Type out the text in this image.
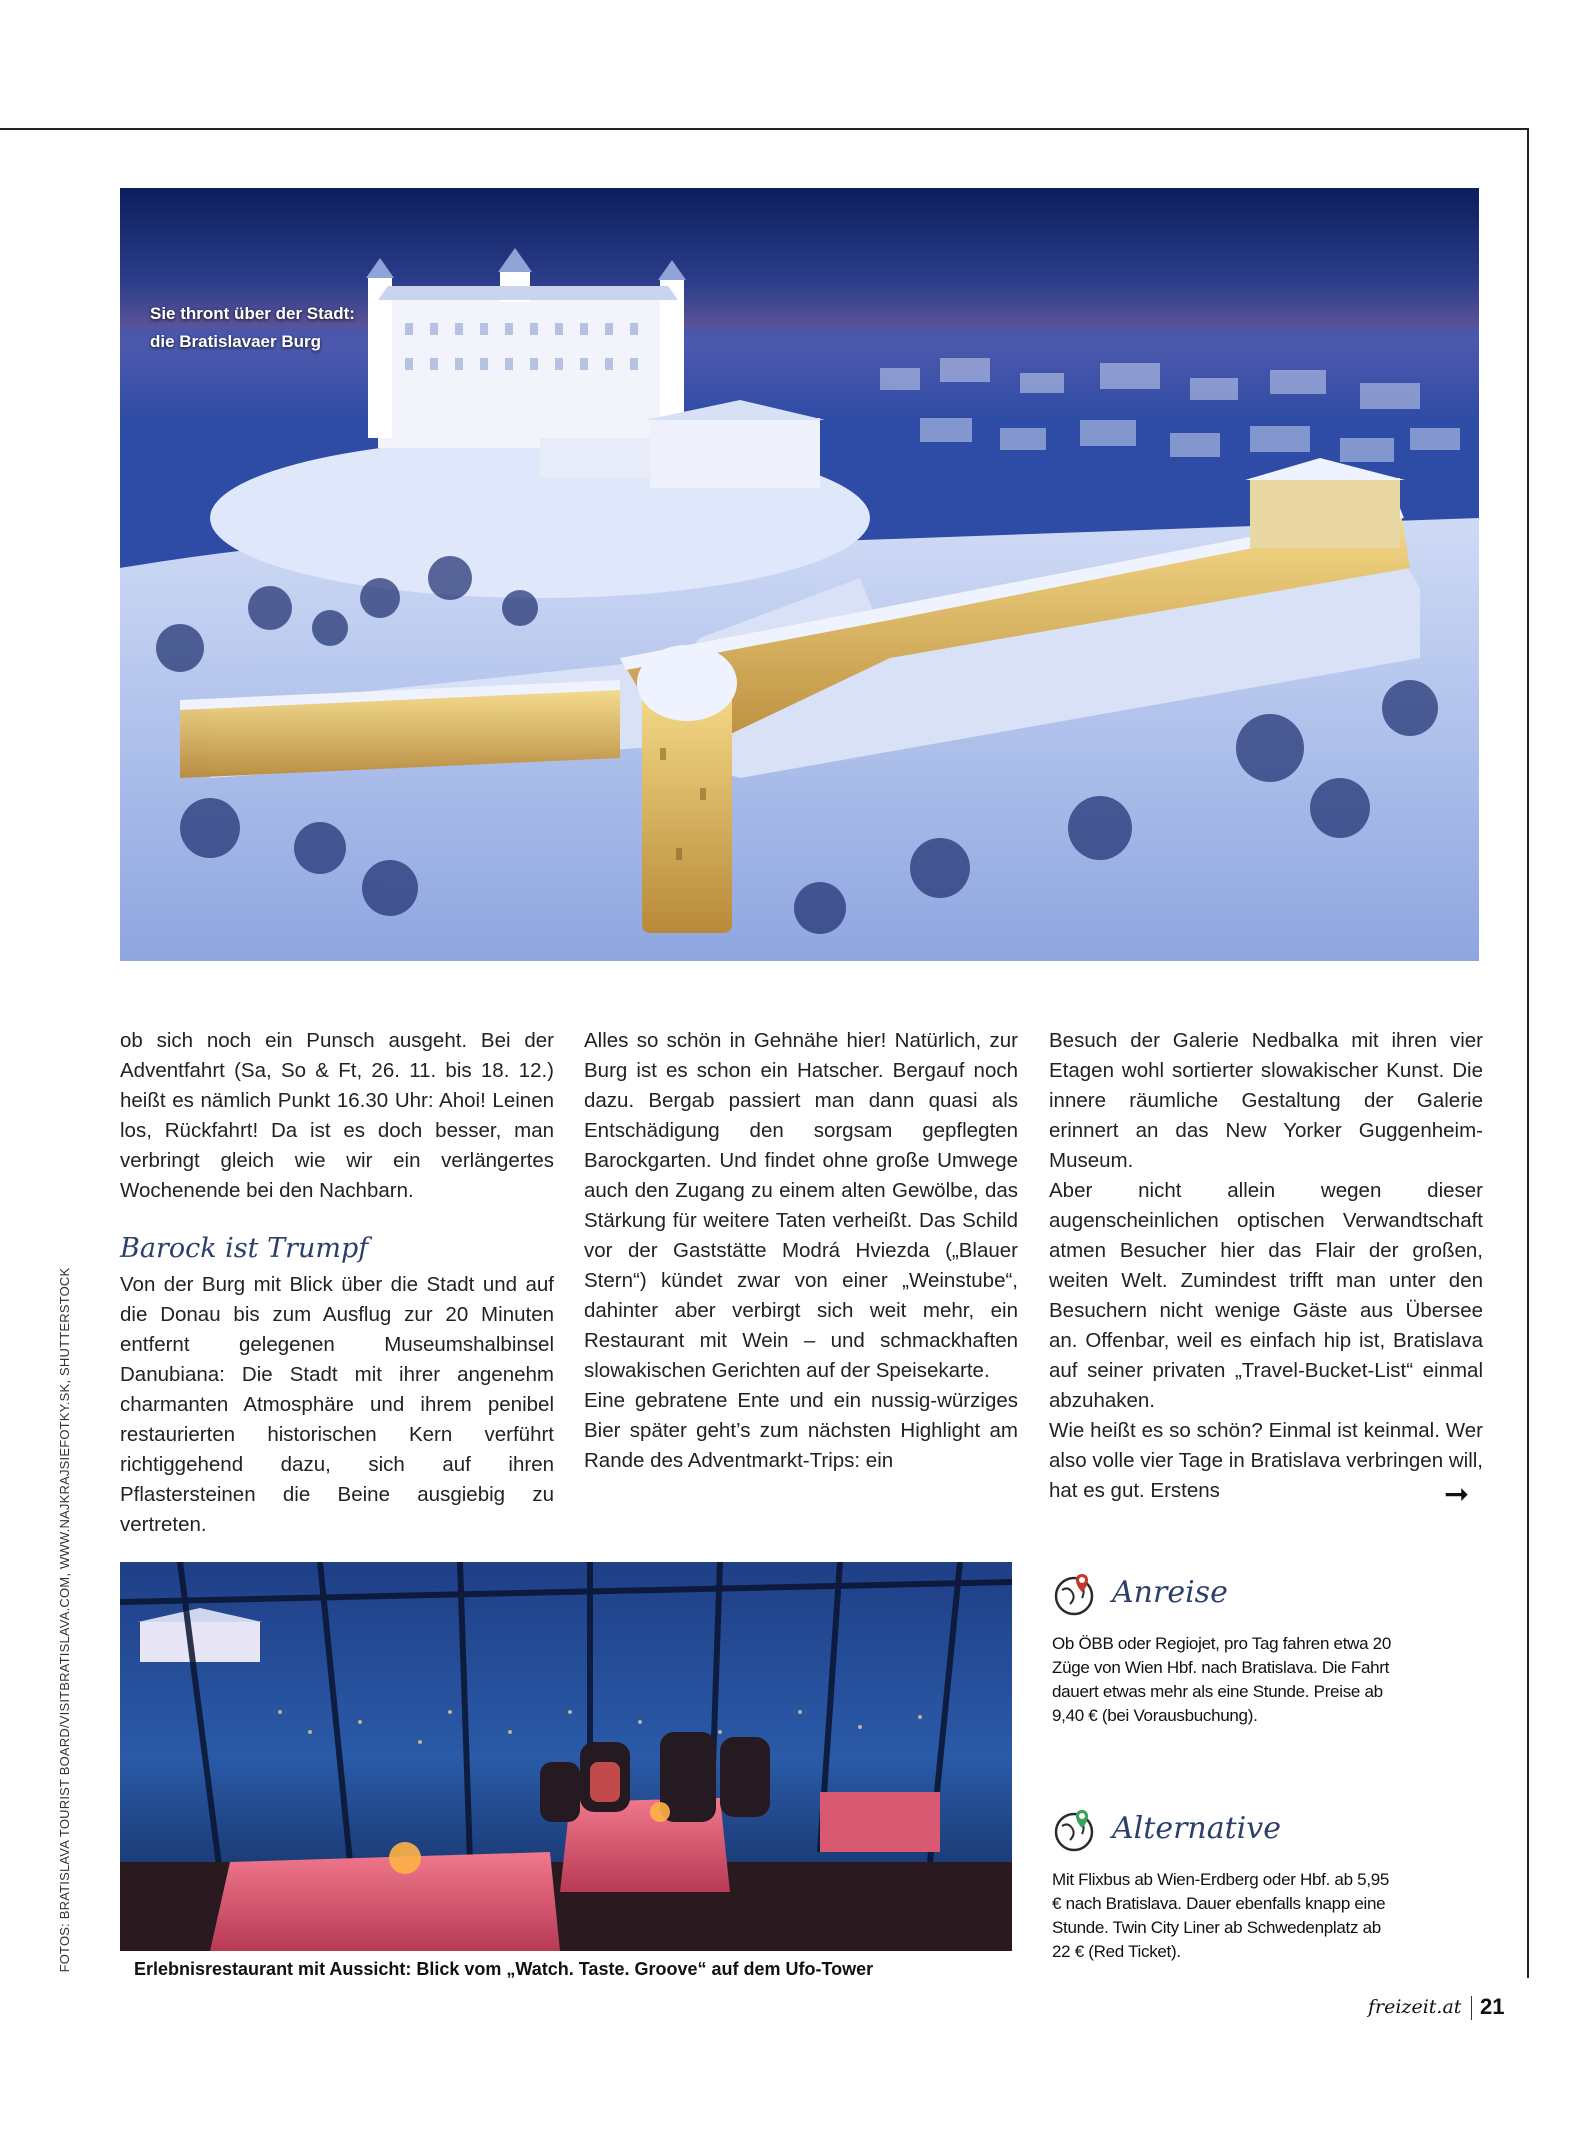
Sie thront über der Stadt: die Bratislavaer Burg

ob sich noch ein Punsch ausgeht. Bei der Adventfahrt (Sa, So & Ft, 26. 11. bis 18. 12.) heißt es nämlich Punkt 16.30 Uhr: Ahoi! Leinen los, Rückfahrt! Da ist es doch besser, man verbringt gleich wie wir ein verlängertes Wochenende bei den Nachbarn.

Barock ist Trumpf

Von der Burg mit Blick über die Stadt und auf die Donau bis zum Ausflug zur 20 Minuten entfernt gelegenen Museumshalbinsel Danubiana: Die Stadt mit ihrer angenehm charmanten Atmosphäre und ihrem penibel restaurierten historischen Kern verführt richtiggehend dazu, sich auf ihren Pflastersteinen die Beine ausgiebig zu vertreten.

Alles so schön in Gehnähe hier! Natürlich, zur Burg ist es schon ein Hatscher. Bergauf noch dazu. Bergab passiert man dann quasi als Entschädigung den sorgsam gepflegten Barockgarten. Und findet ohne große Umwege auch den Zugang zu einem alten Gewölbe, das Stärkung für weitere Taten verheißt. Das Schild vor der Gaststätte Modrá Hviezda („Blauer Stern“) kündet zwar von einer „Weinstube“, dahinter aber verbirgt sich weit mehr, ein Restaurant mit Wein – und schmackhaften slowakischen Gerichten auf der Speisekarte.

Eine gebratene Ente und ein nussig-würziges Bier später geht’s zum nächsten Highlight am Rande des Adventmarkt-Trips: ein

Besuch der Galerie Nedbalka mit ihren vier Etagen wohl sortierter slowakischer Kunst. Die innere räumliche Gestaltung der Galerie erinnert an das New Yorker Guggenheim-Museum.

Aber nicht allein wegen dieser augenscheinlichen optischen Verwandtschaft atmen Besucher hier das Flair der großen, weiten Welt. Zumindest trifft man unter den Besuchern nicht wenige Gäste aus Übersee an. Offenbar, weil es einfach hip ist, Bratislava auf seiner privaten „Travel-Bucket-List“ einmal abzuhaken.

Wie heißt es so schön? Einmal ist keinmal. Wer also volle vier Tage in Bratislava verbringen will, hat es gut. Erstens	➞
Erlebnisrestaurant mit Aussicht: Blick vom „Watch. Taste. Groove“ auf dem Ufo-Tower
Anreise
Ob ÖBB oder Regiojet, pro Tag fahren etwa 20 Züge von Wien Hbf. nach Bratislava. Die Fahrt dauert etwas mehr als eine Stunde. Preise ab 9,40 € (bei Vorausbuchung).
Alternative
Mit Flixbus ab Wien-Erdberg oder Hbf. ab 5,95 € nach Bratislava. Dauer ebenfalls knapp eine Stunde. Twin City Liner ab Schwedenplatz ab 22 € (Red Ticket).
FOTOS: BRATISLAVA TOURIST BOARD/VISITBRATISLAVA.COM, WWW.NAJKRAJSIEFOTKY.SK, SHUTTERSTOCK
freizeit.at 21
